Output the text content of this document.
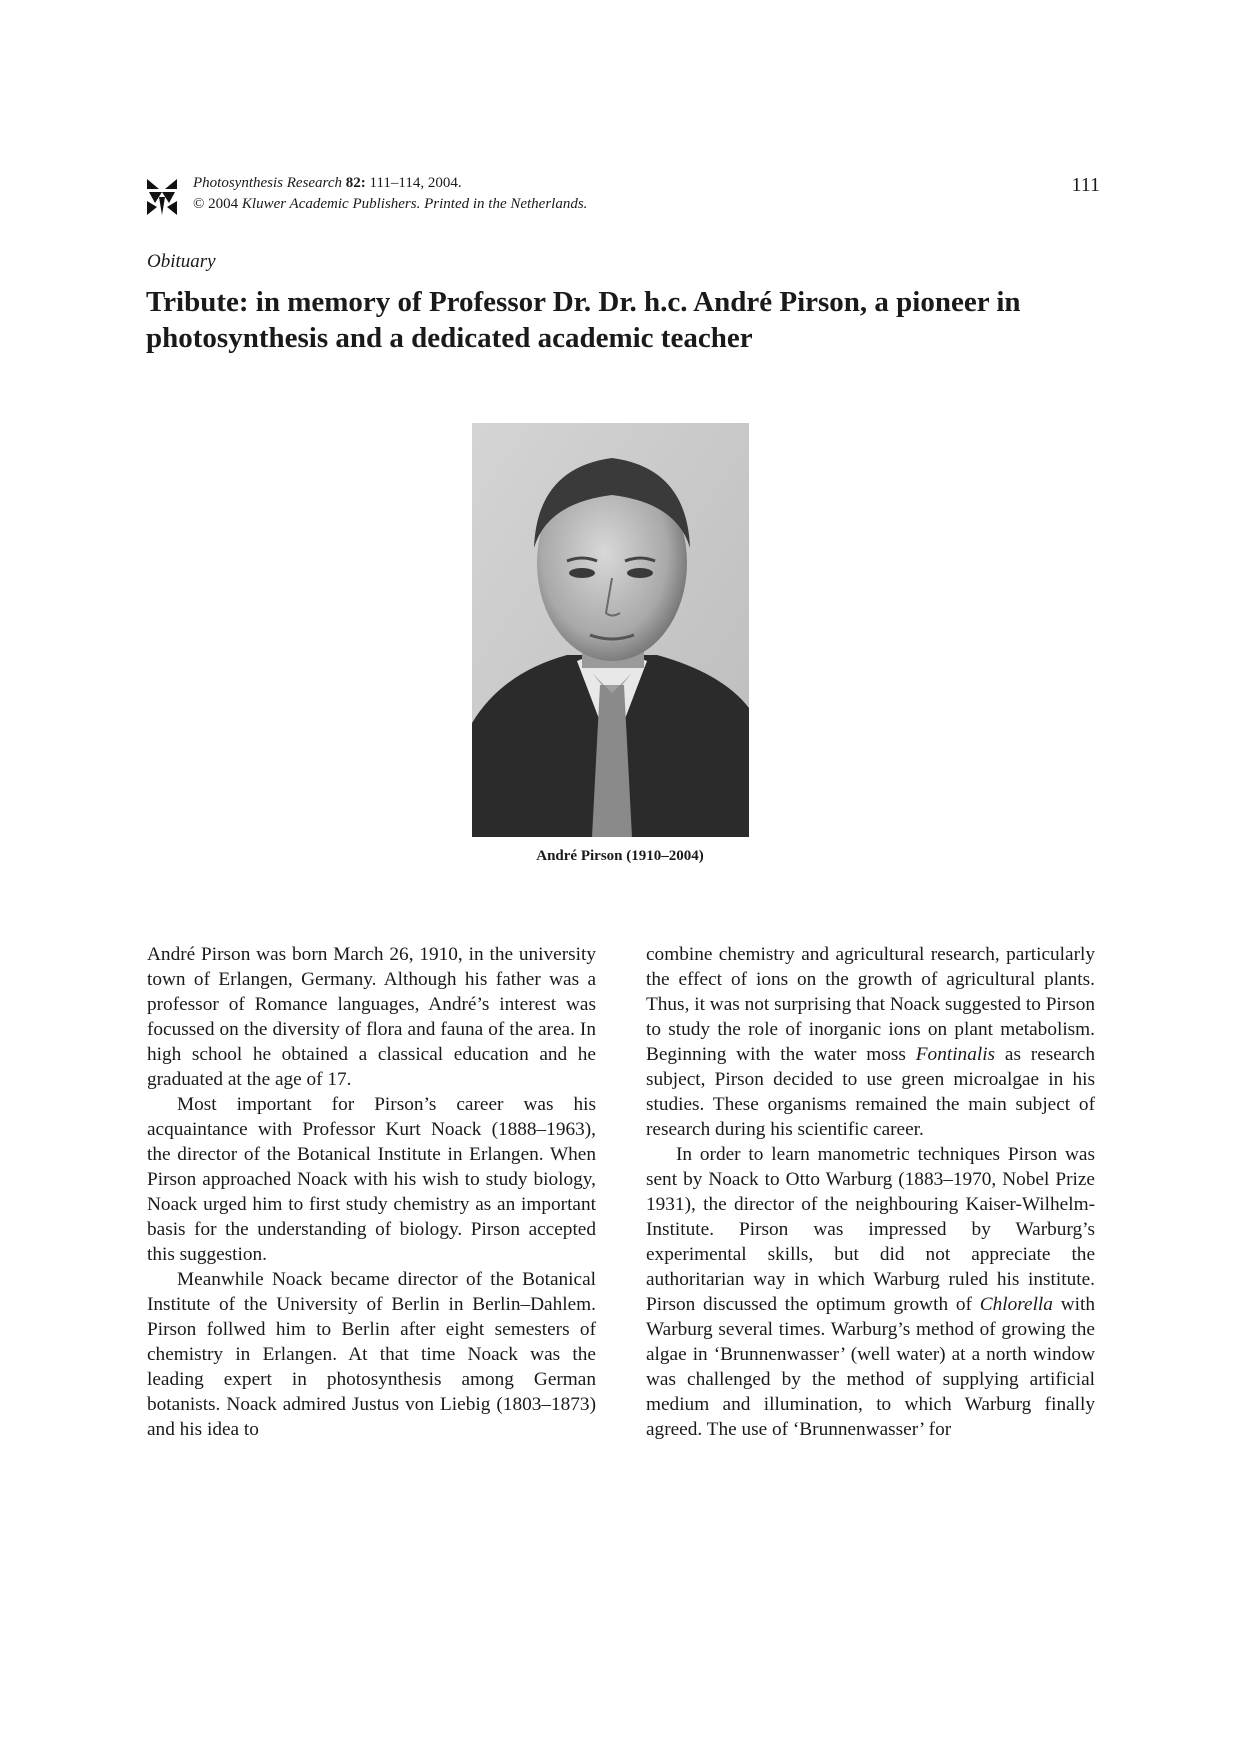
Photosynthesis Research 82: 111–114, 2004.
© 2004 Kluwer Academic Publishers. Printed in the Netherlands.
111
Obituary
Tribute: in memory of Professor Dr. Dr. h.c. André Pirson, a pioneer in photosynthesis and a dedicated academic teacher
André Pirson (1910–2004)

André Pirson was born March 26, 1910, in the university town of Erlangen, Germany. Although his father was a professor of Romance languages, André’s interest was focussed on the diversity of flora and fauna of the area. In high school he obtained a classical education and he graduated at the age of 17.

Most important for Pirson’s career was his acquaintance with Professor Kurt Noack (1888–1963), the director of the Botanical Institute in Erlangen. When Pirson approached Noack with his wish to study biology, Noack urged him to first study chemistry as an important basis for the understanding of biology. Pirson accepted this suggestion.

Meanwhile Noack became director of the Botanical Institute of the University of Berlin in Berlin–Dahlem. Pirson follwed him to Berlin after eight semesters of chemistry in Erlangen. At that time Noack was the leading expert in photosynthesis among German botanists. Noack admired Justus von Liebig (1803–1873) and his idea to

combine chemistry and agricultural research, particularly the effect of ions on the growth of agricultural plants. Thus, it was not surprising that Noack suggested to Pirson to study the role of inorganic ions on plant metabolism. Beginning with the water moss Fontinalis as research subject, Pirson decided to use green microalgae in his studies. These organisms remained the main subject of research during his scientific career.

In order to learn manometric techniques Pirson was sent by Noack to Otto Warburg (1883–1970, Nobel Prize 1931), the director of the neighbouring Kaiser-Wilhelm-Institute. Pirson was impressed by Warburg’s experimental skills, but did not appreciate the authoritarian way in which Warburg ruled his institute. Pirson discussed the optimum growth of Chlorella with Warburg several times. Warburg’s method of growing the algae in ‘Brunnenwasser’ (well water) at a north window was challenged by the method of supplying artificial medium and illumination, to which Warburg finally agreed. The use of ‘Brunnenwasser’ for
